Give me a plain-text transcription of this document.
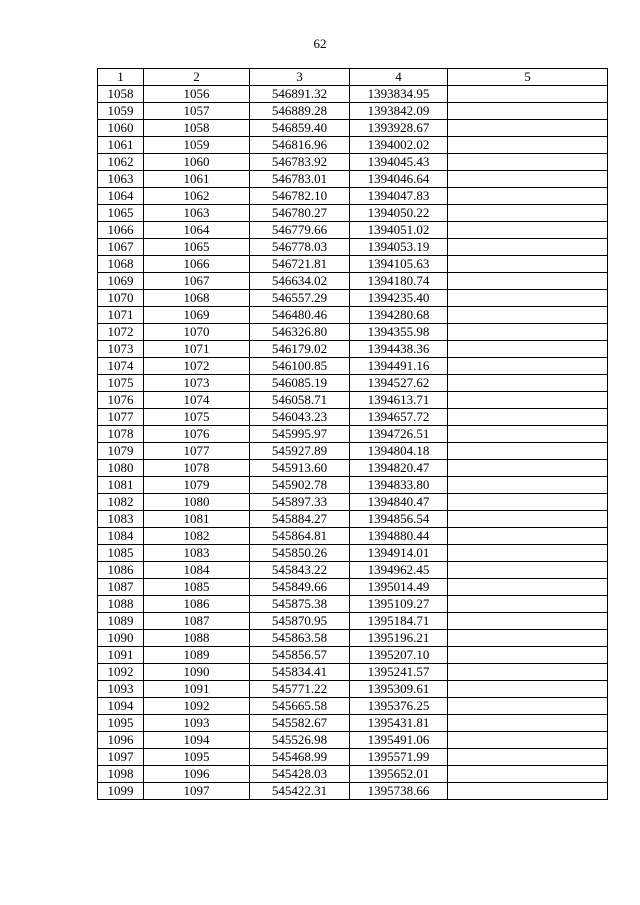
62
1	2	3	4	5
1058	1056	546891.32	1393834.95	
1059	1057	546889.28	1393842.09	
1060	1058	546859.40	1393928.67	
1061	1059	546816.96	1394002.02	
1062	1060	546783.92	1394045.43	
1063	1061	546783.01	1394046.64	
1064	1062	546782.10	1394047.83	
1065	1063	546780.27	1394050.22	
1066	1064	546779.66	1394051.02	
1067	1065	546778.03	1394053.19	
1068	1066	546721.81	1394105.63	
1069	1067	546634.02	1394180.74	
1070	1068	546557.29	1394235.40	
1071	1069	546480.46	1394280.68	
1072	1070	546326.80	1394355.98	
1073	1071	546179.02	1394438.36	
1074	1072	546100.85	1394491.16	
1075	1073	546085.19	1394527.62	
1076	1074	546058.71	1394613.71	
1077	1075	546043.23	1394657.72	
1078	1076	545995.97	1394726.51	
1079	1077	545927.89	1394804.18	
1080	1078	545913.60	1394820.47	
1081	1079	545902.78	1394833.80	
1082	1080	545897.33	1394840.47	
1083	1081	545884.27	1394856.54	
1084	1082	545864.81	1394880.44	
1085	1083	545850.26	1394914.01	
1086	1084	545843.22	1394962.45	
1087	1085	545849.66	1395014.49	
1088	1086	545875.38	1395109.27	
1089	1087	545870.95	1395184.71	
1090	1088	545863.58	1395196.21	
1091	1089	545856.57	1395207.10	
1092	1090	545834.41	1395241.57	
1093	1091	545771.22	1395309.61	
1094	1092	545665.58	1395376.25	
1095	1093	545582.67	1395431.81	
1096	1094	545526.98	1395491.06	
1097	1095	545468.99	1395571.99	
1098	1096	545428.03	1395652.01	
1099	1097	545422.31	1395738.66	
